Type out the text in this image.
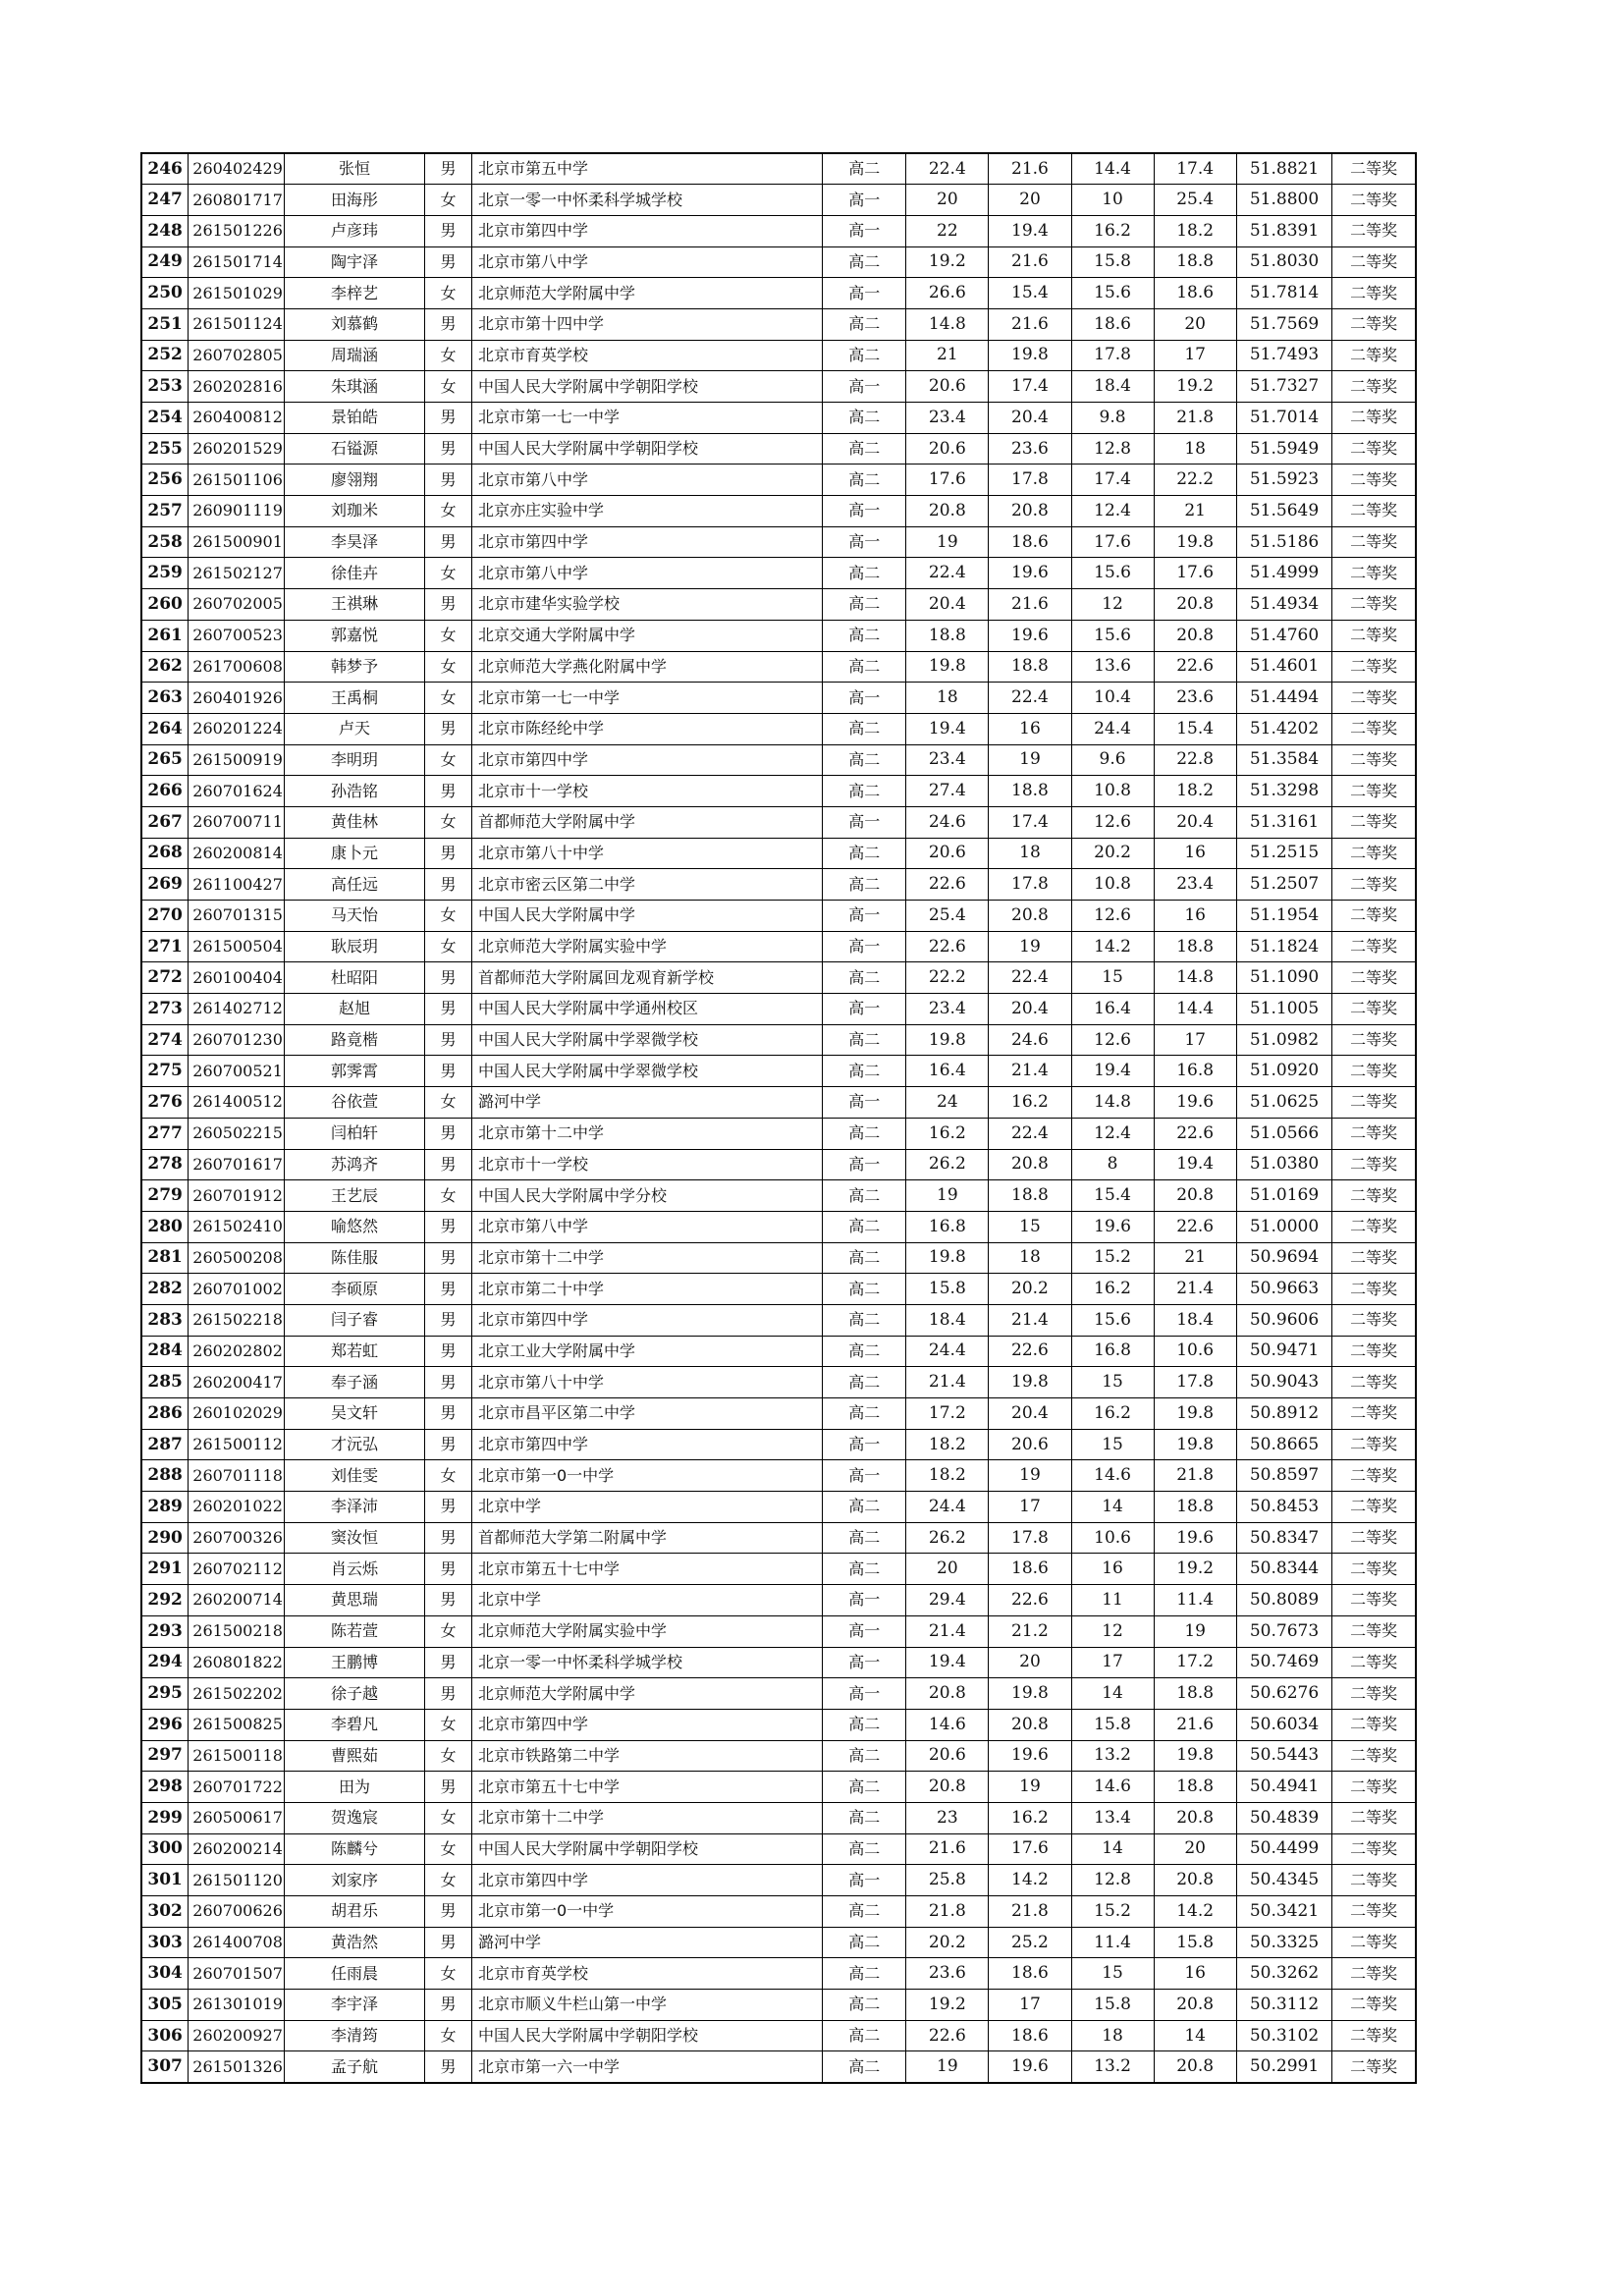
246	260402429	张恒	男	北京市第五中学	高二	22.4	21.6	14.4	17.4	51.8821	二等奖
247	260801717	田海彤	女	北京一零一中怀柔科学城学校	高一	20	20	10	25.4	51.8800	二等奖
248	261501226	卢彦玮	男	北京市第四中学	高一	22	19.4	16.2	18.2	51.8391	二等奖
249	261501714	陶宇泽	男	北京市第八中学	高二	19.2	21.6	15.8	18.8	51.8030	二等奖
250	261501029	李梓艺	女	北京师范大学附属中学	高一	26.6	15.4	15.6	18.6	51.7814	二等奖
251	261501124	刘慕鹤	男	北京市第十四中学	高二	14.8	21.6	18.6	20	51.7569	二等奖
252	260702805	周瑞涵	女	北京市育英学校	高二	21	19.8	17.8	17	51.7493	二等奖
253	260202816	朱琪涵	女	中国人民大学附属中学朝阳学校	高一	20.6	17.4	18.4	19.2	51.7327	二等奖
254	260400812	景铂皓	男	北京市第一七一中学	高二	23.4	20.4	9.8	21.8	51.7014	二等奖
255	260201529	石镒源	男	中国人民大学附属中学朝阳学校	高二	20.6	23.6	12.8	18	51.5949	二等奖
256	261501106	廖翎翔	男	北京市第八中学	高二	17.6	17.8	17.4	22.2	51.5923	二等奖
257	260901119	刘珈米	女	北京亦庄实验中学	高一	20.8	20.8	12.4	21	51.5649	二等奖
258	261500901	李昊泽	男	北京市第四中学	高一	19	18.6	17.6	19.8	51.5186	二等奖
259	261502127	徐佳卉	女	北京市第八中学	高二	22.4	19.6	15.6	17.6	51.4999	二等奖
260	260702005	王祺琳	男	北京市建华实验学校	高二	20.4	21.6	12	20.8	51.4934	二等奖
261	260700523	郭嘉悦	女	北京交通大学附属中学	高二	18.8	19.6	15.6	20.8	51.4760	二等奖
262	261700608	韩梦予	女	北京师范大学燕化附属中学	高二	19.8	18.8	13.6	22.6	51.4601	二等奖
263	260401926	王禹桐	女	北京市第一七一中学	高一	18	22.4	10.4	23.6	51.4494	二等奖
264	260201224	卢天	男	北京市陈经纶中学	高二	19.4	16	24.4	15.4	51.4202	二等奖
265	261500919	李明玥	女	北京市第四中学	高二	23.4	19	9.6	22.8	51.3584	二等奖
266	260701624	孙浩铭	男	北京市十一学校	高二	27.4	18.8	10.8	18.2	51.3298	二等奖
267	260700711	黄佳林	女	首都师范大学附属中学	高一	24.6	17.4	12.6	20.4	51.3161	二等奖
268	260200814	康卜元	男	北京市第八十中学	高二	20.6	18	20.2	16	51.2515	二等奖
269	261100427	高任远	男	北京市密云区第二中学	高二	22.6	17.8	10.8	23.4	51.2507	二等奖
270	260701315	马天怡	女	中国人民大学附属中学	高一	25.4	20.8	12.6	16	51.1954	二等奖
271	261500504	耿辰玥	女	北京师范大学附属实验中学	高一	22.6	19	14.2	18.8	51.1824	二等奖
272	260100404	杜昭阳	男	首都师范大学附属回龙观育新学校	高二	22.2	22.4	15	14.8	51.1090	二等奖
273	261402712	赵旭	男	中国人民大学附属中学通州校区	高一	23.4	20.4	16.4	14.4	51.1005	二等奖
274	260701230	路竟楷	男	中国人民大学附属中学翠微学校	高二	19.8	24.6	12.6	17	51.0982	二等奖
275	260700521	郭霁霄	男	中国人民大学附属中学翠微学校	高二	16.4	21.4	19.4	16.8	51.0920	二等奖
276	261400512	谷依萱	女	潞河中学	高一	24	16.2	14.8	19.6	51.0625	二等奖
277	260502215	闫柏轩	男	北京市第十二中学	高二	16.2	22.4	12.4	22.6	51.0566	二等奖
278	260701617	苏鸿齐	男	北京市十一学校	高一	26.2	20.8	8	19.4	51.0380	二等奖
279	260701912	王艺辰	女	中国人民大学附属中学分校	高二	19	18.8	15.4	20.8	51.0169	二等奖
280	261502410	喻悠然	男	北京市第八中学	高二	16.8	15	19.6	22.6	51.0000	二等奖
281	260500208	陈佳服	男	北京市第十二中学	高二	19.8	18	15.2	21	50.9694	二等奖
282	260701002	李硕原	男	北京市第二十中学	高二	15.8	20.2	16.2	21.4	50.9663	二等奖
283	261502218	闫子睿	男	北京市第四中学	高二	18.4	21.4	15.6	18.4	50.9606	二等奖
284	260202802	郑若虹	男	北京工业大学附属中学	高二	24.4	22.6	16.8	10.6	50.9471	二等奖
285	260200417	奉子涵	男	北京市第八十中学	高二	21.4	19.8	15	17.8	50.9043	二等奖
286	260102029	吴文轩	男	北京市昌平区第二中学	高二	17.2	20.4	16.2	19.8	50.8912	二等奖
287	261500112	才沅弘	男	北京市第四中学	高一	18.2	20.6	15	19.8	50.8665	二等奖
288	260701118	刘佳雯	女	北京市第一0一中学	高一	18.2	19	14.6	21.8	50.8597	二等奖
289	260201022	李泽沛	男	北京中学	高二	24.4	17	14	18.8	50.8453	二等奖
290	260700326	窦汝恒	男	首都师范大学第二附属中学	高二	26.2	17.8	10.6	19.6	50.8347	二等奖
291	260702112	肖云烁	男	北京市第五十七中学	高二	20	18.6	16	19.2	50.8344	二等奖
292	260200714	黄思瑞	男	北京中学	高一	29.4	22.6	11	11.4	50.8089	二等奖
293	261500218	陈若萱	女	北京师范大学附属实验中学	高一	21.4	21.2	12	19	50.7673	二等奖
294	260801822	王鹏博	男	北京一零一中怀柔科学城学校	高一	19.4	20	17	17.2	50.7469	二等奖
295	261502202	徐子越	男	北京师范大学附属中学	高一	20.8	19.8	14	18.8	50.6276	二等奖
296	261500825	李碧凡	女	北京市第四中学	高二	14.6	20.8	15.8	21.6	50.6034	二等奖
297	261500118	曹熙茹	女	北京市铁路第二中学	高二	20.6	19.6	13.2	19.8	50.5443	二等奖
298	260701722	田为	男	北京市第五十七中学	高二	20.8	19	14.6	18.8	50.4941	二等奖
299	260500617	贺逸宸	女	北京市第十二中学	高二	23	16.2	13.4	20.8	50.4839	二等奖
300	260200214	陈麟兮	女	中国人民大学附属中学朝阳学校	高二	21.6	17.6	14	20	50.4499	二等奖
301	261501120	刘家序	女	北京市第四中学	高一	25.8	14.2	12.8	20.8	50.4345	二等奖
302	260700626	胡君乐	男	北京市第一0一中学	高二	21.8	21.8	15.2	14.2	50.3421	二等奖
303	261400708	黄浩然	男	潞河中学	高二	20.2	25.2	11.4	15.8	50.3325	二等奖
304	260701507	任雨晨	女	北京市育英学校	高二	23.6	18.6	15	16	50.3262	二等奖
305	261301019	李宇泽	男	北京市顺义牛栏山第一中学	高二	19.2	17	15.8	20.8	50.3112	二等奖
306	260200927	李清筠	女	中国人民大学附属中学朝阳学校	高二	22.6	18.6	18	14	50.3102	二等奖
307	261501326	孟子航	男	北京市第一六一中学	高二	19	19.6	13.2	20.8	50.2991	二等奖
